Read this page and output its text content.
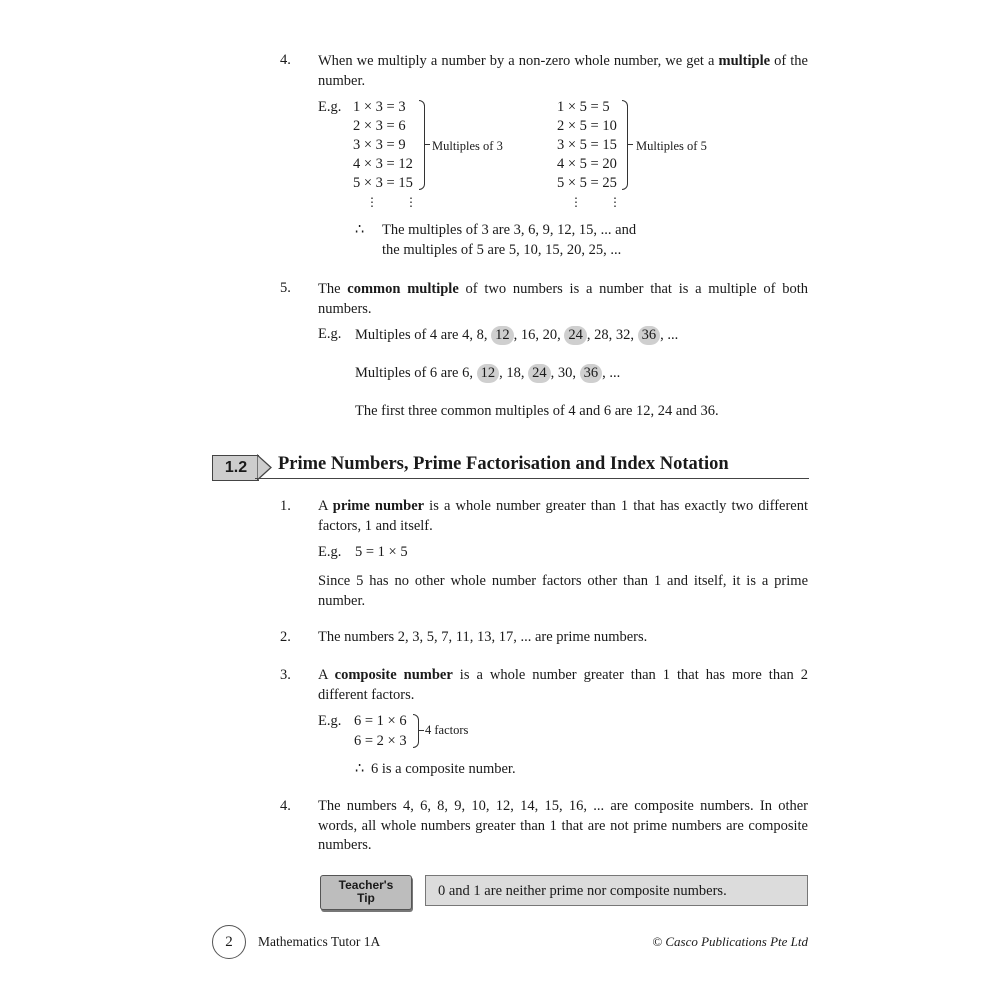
4. When we multiply a number by a non-zero whole number, we get a multiple of the number.
E.g. 1 × 3 = 3
2 × 3 = 6
3 × 3 = 9
4 × 3 = 12
5 × 3 = 15
Multiples of 3
⋮ ⋮
1 × 5 = 5
2 × 5 = 10
3 × 5 = 15
4 × 5 = 20
5 × 5 = 25
Multiples of 5
⋮ ⋮
∴ The multiples of 3 are 3, 6, 9, 12, 15, ... and
the multiples of 5 are 5, 10, 15, 20, 25, ...
5. The common multiple of two numbers is a number that is a multiple of both numbers.
E.g. Multiples of 4 are 4, 8, 12 , 16, 20, 24 , 28, 32, 36 , ...
Multiples of 6 are 6, 12 , 18, 24 , 30, 36 , ...
The first three common multiples of 4 and 6 are 12, 24 and 36.
1.2	Prime Numbers, Prime Factorisation and Index Notation
1. A prime number is a whole number greater than 1 that has exactly two different factors, 1 and itself.
E.g. 5 = 1 × 5
Since 5 has no other whole number factors other than 1 and itself, it is a prime number.
2. The numbers 2, 3, 5, 7, 11, 13, 17, ... are prime numbers.
3. A composite number is a whole number greater than 1 that has more than 2 different factors.
E.g. 6 = 1 × 6
6 = 2 × 3
4 factors
∴ 6 is a composite number.
4. The numbers 4, 6, 8, 9, 10, 12, 14, 15, 16, ... are composite numbers. In other words, all whole numbers greater than 1 that are not prime numbers are composite numbers.
Teacher's
Tip	0 and 1 are neither prime nor composite numbers.
2	Mathematics Tutor 1A	© Casco Publications Pte Ltd
